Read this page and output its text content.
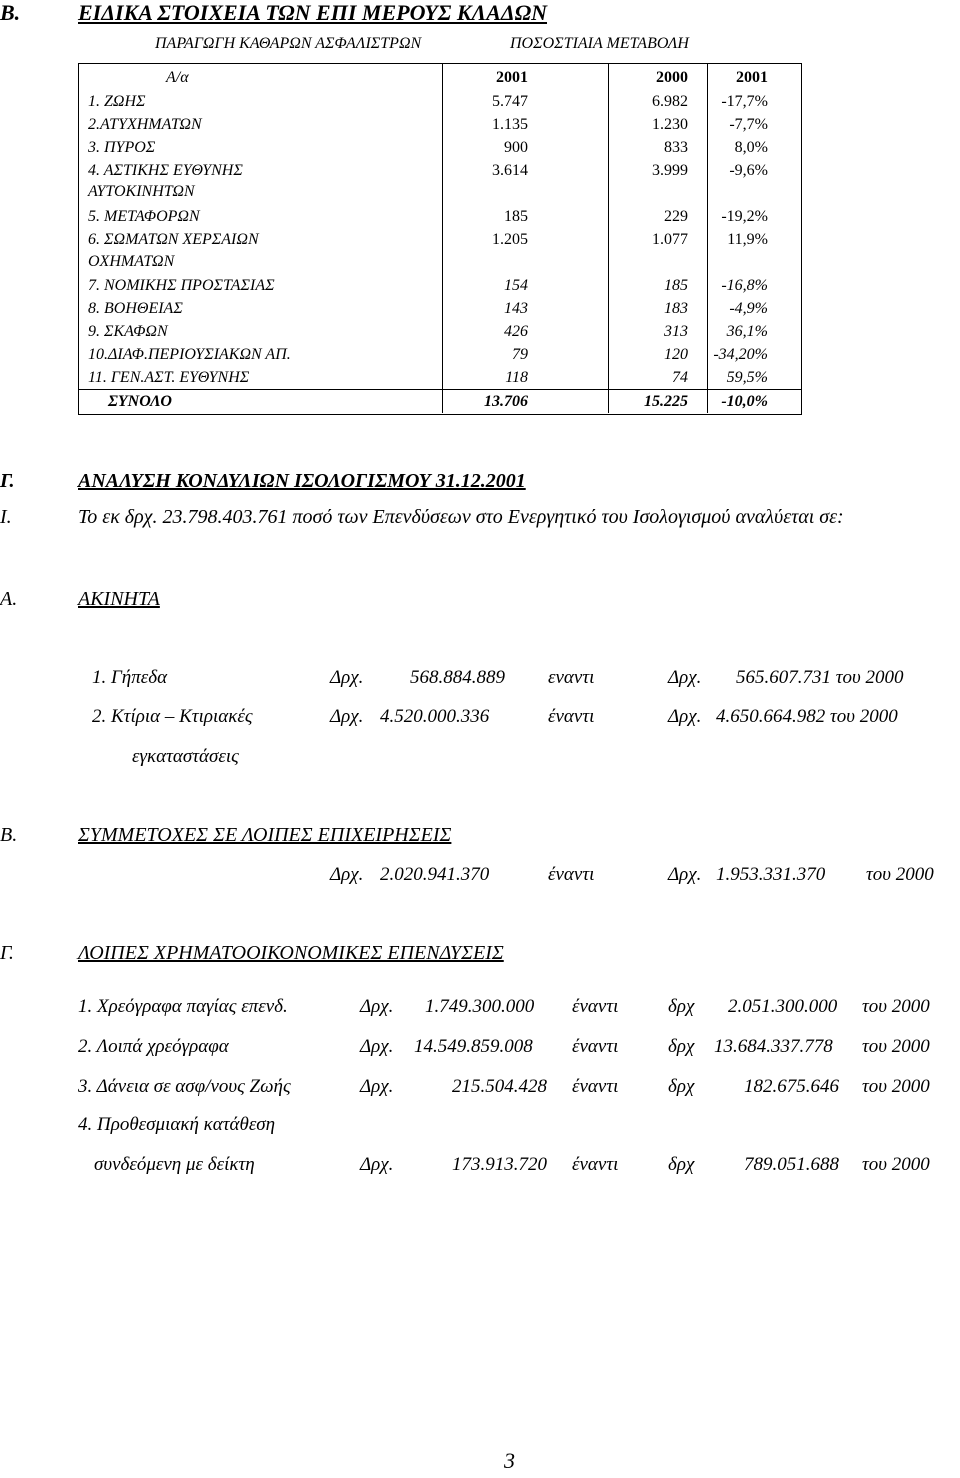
Β.	ΕΙΔΙΚΑ ΣΤΟΙΧΕΙΑ ΤΩΝ ΕΠΙ ΜΕΡΟΥΣ ΚΛΑΔΩΝ
ΠΑΡΑΓΩΓΗ ΚΑΘΑΡΩΝ ΑΣΦΑΛΙΣΤΡΩΝ	ΠΟΣΟΣΤΙΑΙΑ ΜΕΤΑΒΟΛΗ
Α/α	2001	2000	2001
1. ΖΩΗΣ	5.747	6.982	-17,7%
2.ΑΤΥΧΗΜΑΤΩΝ	1.135	1.230	-7,7%
3. ΠΥΡΟΣ	900	833	8,0%
4. ΑΣΤΙΚΗΣ ΕΥΘΥΝΗΣ
ΑΥΤΟΚΙΝΗΤΩΝ
3.614	3.999	-9,6%
5. ΜΕΤΑΦΟΡΩΝ	185	229	-19,2%
6. ΣΩΜΑΤΩΝ ΧΕΡΣΑΙΩΝ
ΟΧΗΜΑΤΩΝ
1.205	1.077	11,9%
7. ΝΟΜΙΚΗΣ ΠΡΟΣΤΑΣΙΑΣ	154	185	-16,8%
8. ΒΟΗΘΕΙΑΣ	143	183	-4,9%
9. ΣΚΑΦΩΝ	426	313	36,1%
10.ΔΙΑΦ.ΠΕΡΙΟΥΣΙΑΚΩΝ ΑΠ.	79	120	-34,20%
11. ΓΕΝ.ΑΣΤ. ΕΥΘΥΝΗΣ	118	74	59,5%
ΣΥΝΟΛΟ	13.706	15.225	-10,0%
Γ.	ΑΝΑΛΥΣΗ ΚΟΝΔΥΛΙΩΝ ΙΣΟΛΟΓΙΣΜΟΥ 31.12.2001
Ι.	Το εκ δρχ. 23.798.403.761 ποσό των Επενδύσεων στο Ενεργητικό του Ισολογισμού αναλύεται σε:
Α.	ΑΚΙΝΗΤΑ
1. Γήπεδα	Δρχ. 568.884.889 εναντι	Δρχ. 565.607.731 του 2000
2. Κτίρια – Κτιριακές	Δρχ. 4.520.000.336	έναντι	Δρχ. 4.650.664.982 του 2000
εγκαταστάσεις
Β.	ΣΥΜΜΕΤΟΧΕΣ ΣΕ ΛΟΙΠΕΣ ΕΠΙΧΕΙΡΗΣΕΙΣ
Δρχ. 2.020.941.370	έναντι	Δρχ. 1.953.331.370 του 2000
Γ.	ΛΟΙΠΕΣ ΧΡΗΜΑΤΟΟΙΚΟΝΟΜΙΚΕΣ ΕΠΕΝΔΥΣΕΙΣ
1. Χρεόγραφα παγίας επενδ.	Δρχ. 1.749.300.000 έναντι	δρχ 2.051.300.000 του 2000
2. Λοιπά χρεόγραφα	Δρχ. 14.549.859.008 έναντι	δρχ 13.684.337.778 του 2000
3. Δάνεια σε ασφ/νους Ζωής	Δρχ.	215.504.428 έναντι	δρχ	182.675.646 του 2000
4. Προθεσμιακή κατάθεση
συνδεόμενη με δείκτη	Δρχ.	173.913.720 έναντι	δρχ	789.051.688 του 2000
3
